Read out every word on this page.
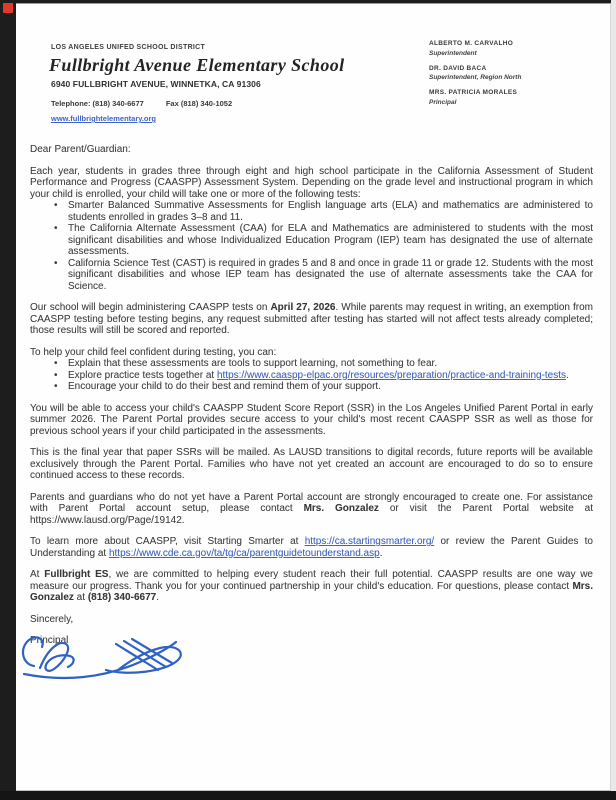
LOS ANGELES UNIFED SCHOOL DISTRICT
Fullbright Avenue Elementary School
6940 FULLBRIGHT AVENUE, WINNETKA, CA 91306
Telephone: (818) 340-6677	Fax (818) 340-1052
www.fullbrightelementary.org
ALBERTO M. CARVALHO
Superintendent
DR. DAVID BACA
Superintendent, Region North
MRS. PATRICIA MORALES
Principal

Dear Parent/Guardian:

Each year, students in grades three through eight and high school participate in the California Assessment of Student Performance and Progress (CAASPP) Assessment System. Depending on the grade level and instructional program in which your child is enrolled, your child will take one or more of the following tests:

• Smarter Balanced Summative Assessments for English language arts (ELA) and mathematics are administered to students enrolled in grades 3–8 and 11.
• The California Alternate Assessment (CAA) for ELA and Mathematics are administered to students with the most significant disabilities and whose Individualized Education Program (IEP) team has designated the use of alternate assessments.
• California Science Test (CAST) is required in grades 5 and 8 and once in grade 11 or grade 12. Students with the most significant disabilities and whose IEP team has designated the use of alternate assessments take the CAA for Science.

Our school will begin administering CAASPP tests on April 27, 2026. While parents may request in writing, an exemption from CAASPP testing before testing begins, any request submitted after testing has started will not affect tests already completed; those results will still be scored and reported.

To help your child feel confident during testing, you can:

• Explain that these assessments are tools to support learning, not something to fear.
• Explore practice tests together at https://www.caaspp-elpac.org/resources/preparation/practice-and-training-tests.
• Encourage your child to do their best and remind them of your support.

You will be able to access your child's CAASPP Student Score Report (SSR) in the Los Angeles Unified Parent Portal in early summer 2026. The Parent Portal provides secure access to your child's most recent CAASPP SSR as well as those for previous school years if your child participated in the assessments.

This is the final year that paper SSRs will be mailed. As LAUSD transitions to digital records, future reports will be available exclusively through the Parent Portal. Families who have not yet created an account are encouraged to do so to ensure continued access to these records.

Parents and guardians who do not yet have a Parent Portal account are strongly encouraged to create one. For assistance with Parent Portal account setup, please contact Mrs. Gonzalez or visit the Parent Portal website at https://www.lausd.org/Page/19142.

To learn more about CAASPP, visit Starting Smarter at https://ca.startingsmarter.org/ or review the Parent Guides to Understanding at https://www.cde.ca.gov/ta/tg/ca/parentguidetounderstand.asp.

At Fullbright ES, we are committed to helping every student reach their full potential. CAASPP results are one way we measure our progress. Thank you for your continued partnership in your child's education. For questions, please contact Mrs. Gonzalez at (818) 340-6677.

Sincerely,

Principal
